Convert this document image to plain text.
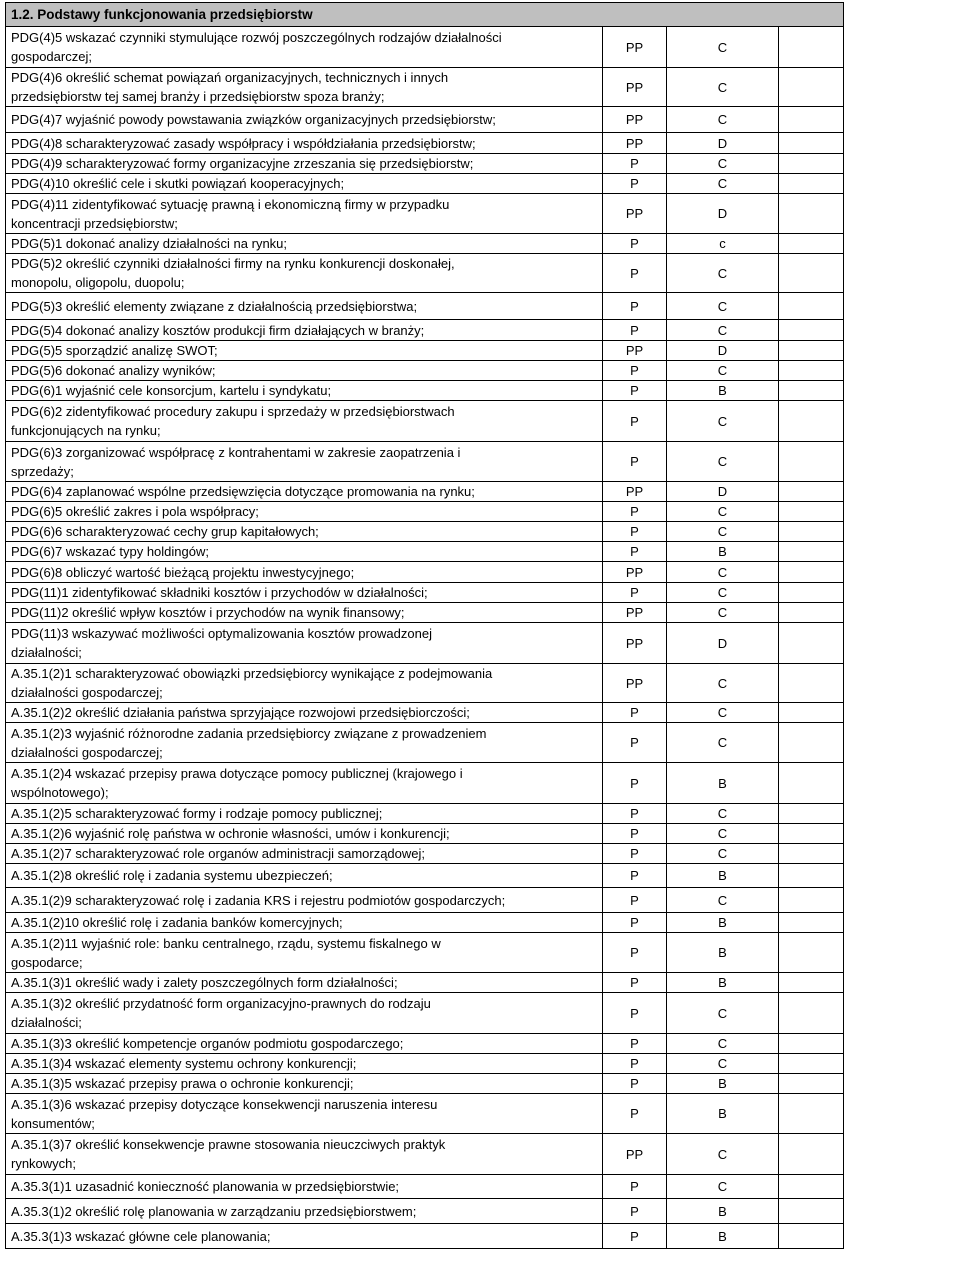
1.2. Podstawy funkcjonowania przedsiębiorstw			

PDG(4)5 wskazać czynniki stymulujące rozwój poszczególnych rodzajów działalności
gospodarczej;	PP	C	

PDG(4)6 określić schemat powiązań organizacyjnych, technicznych i innych
przedsiębiorstw tej samej branży i przedsiębiorstw spoza branży;	PP	C	

PDG(4)7 wyjaśnić powody powstawania związków organizacyjnych przedsiębiorstw;	PP	C	

PDG(4)8 scharakteryzować zasady współpracy i współdziałania przedsiębiorstw;	PP	D	

PDG(4)9 scharakteryzować formy organizacyjne zrzeszania się przedsiębiorstw;	P	C	

PDG(4)10 określić cele i skutki powiązań kooperacyjnych;	P	C	

PDG(4)11 zidentyfikować sytuację prawną i ekonomiczną firmy w przypadku
koncentracji przedsiębiorstw;	PP	D	

PDG(5)1 dokonać analizy działalności na rynku;	P	c	

PDG(5)2 określić czynniki działalności firmy na rynku konkurencji doskonałej,
monopolu, oligopolu, duopolu;	P	C	

PDG(5)3 określić elementy związane z działalnością przedsiębiorstwa;	P	C	

PDG(5)4 dokonać analizy kosztów produkcji firm działających w branży;	P	C	

PDG(5)5 sporządzić analizę SWOT;	PP	D	

PDG(5)6 dokonać analizy wyników;	P	C	

PDG(6)1 wyjaśnić cele konsorcjum, kartelu i syndykatu;	P	B	

PDG(6)2 zidentyfikować procedury zakupu i sprzedaży w przedsiębiorstwach
funkcjonujących na rynku;	P	C	

PDG(6)3 zorganizować współpracę z kontrahentami w zakresie zaopatrzenia i
sprzedaży;	P	C	

PDG(6)4 zaplanować wspólne przedsięwzięcia dotyczące promowania na rynku;	PP	D	

PDG(6)5 określić zakres i pola współpracy;	P	C	

PDG(6)6 scharakteryzować cechy grup kapitałowych;	P	C	

PDG(6)7 wskazać typy holdingów;	P	B	

PDG(6)8 obliczyć wartość bieżącą projektu inwestycyjnego;	PP	C	

PDG(11)1 zidentyfikować składniki kosztów i przychodów w działalności;	P	C	

PDG(11)2 określić wpływ kosztów i przychodów na wynik finansowy;	PP	C	

PDG(11)3 wskazywać możliwości optymalizowania kosztów prowadzonej
działalności;	PP	D	

A.35.1(2)1 scharakteryzować obowiązki przedsiębiorcy wynikające z podejmowania
działalności gospodarczej;	PP	C	

A.35.1(2)2 określić działania państwa sprzyjające rozwojowi przedsiębiorczości;	P	C	

A.35.1(2)3 wyjaśnić różnorodne zadania przedsiębiorcy związane z prowadzeniem
działalności gospodarczej;	P	C	

A.35.1(2)4 wskazać przepisy prawa dotyczące pomocy publicznej (krajowego i
wspólnotowego);	P	B	

A.35.1(2)5 scharakteryzować formy i rodzaje pomocy publicznej;	P	C	

A.35.1(2)6 wyjaśnić rolę państwa w ochronie własności, umów i konkurencji;	P	C	

A.35.1(2)7 scharakteryzować role organów administracji samorządowej;	P	C	

A.35.1(2)8 określić rolę i zadania systemu ubezpieczeń;	P	B	

A.35.1(2)9 scharakteryzować rolę i zadania KRS i rejestru podmiotów gospodarczych;	P	C	

A.35.1(2)10 określić rolę i zadania banków komercyjnych;	P	B	

A.35.1(2)11 wyjaśnić role: banku centralnego, rządu, systemu fiskalnego w
gospodarce;	P	B	

A.35.1(3)1 określić wady i zalety poszczególnych form działalności;	P	B	

A.35.1(3)2 określić przydatność form organizacyjno-prawnych do rodzaju
działalności;	P	C	

A.35.1(3)3 określić kompetencje organów podmiotu gospodarczego;	P	C	

A.35.1(3)4 wskazać elementy systemu ochrony konkurencji;	P	C	

A.35.1(3)5 wskazać przepisy prawa o ochronie konkurencji;	P	B	

A.35.1(3)6 wskazać przepisy dotyczące konsekwencji naruszenia interesu
konsumentów;	P	B	

A.35.1(3)7 określić konsekwencje prawne stosowania nieuczciwych praktyk
rynkowych;	PP	C	

A.35.3(1)1 uzasadnić konieczność planowania w przedsiębiorstwie;	P	C	

A.35.3(1)2 określić rolę planowania w zarządzaniu przedsiębiorstwem;	P	B	

A.35.3(1)3 wskazać główne cele planowania;	P	B	
